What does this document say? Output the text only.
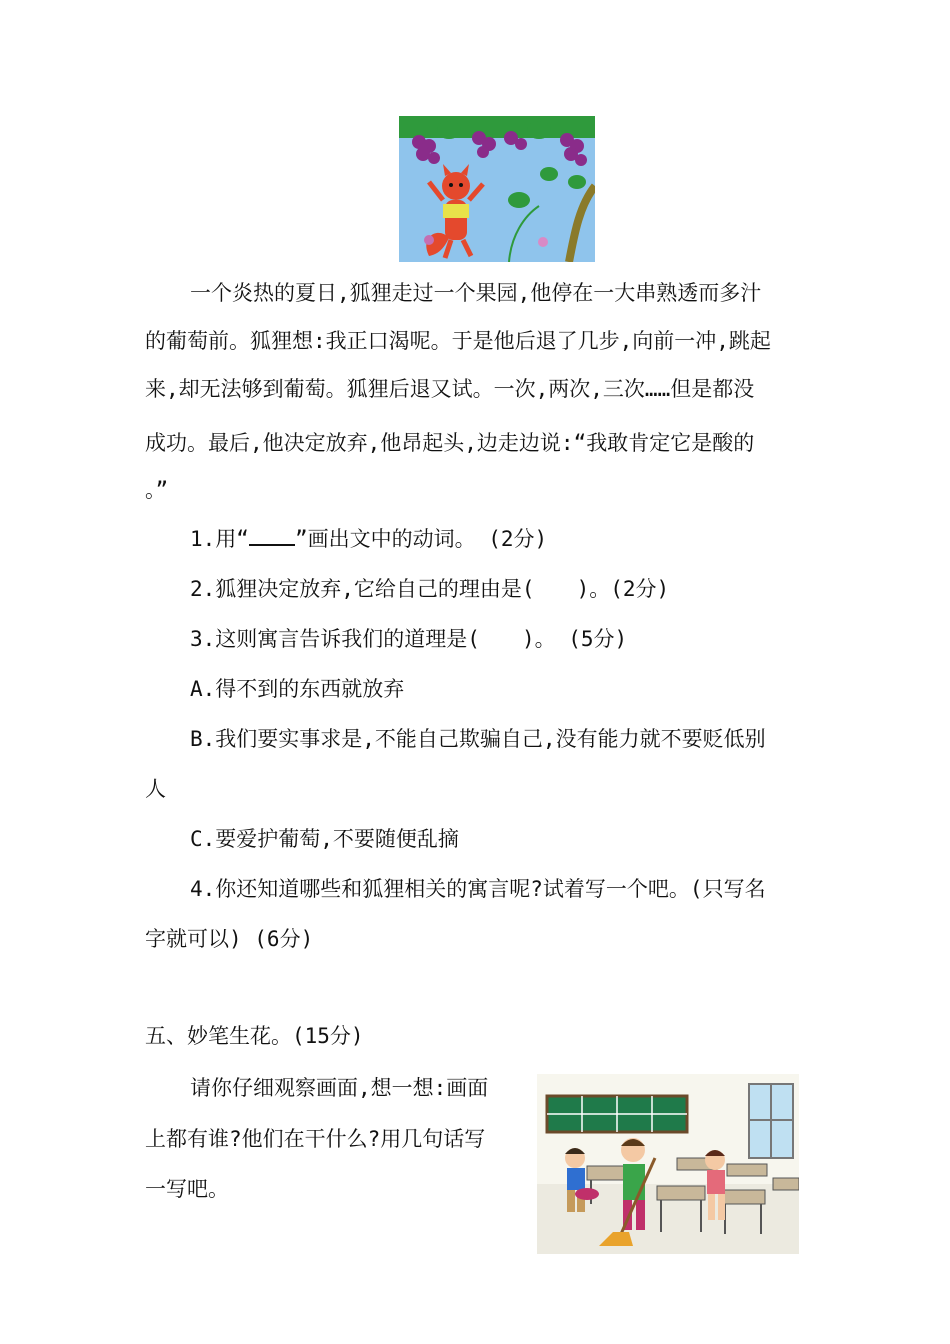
一个炎热的夏日,狐狸走过一个果园,他停在一大串熟透而多汁
的葡萄前。狐狸想:我正口渴呢。于是他后退了几步,向前一冲,跳起
来,却无法够到葡萄。狐狸后退又试。一次,两次,三次……但是都没
成功。最后,他决定放弃,他昂起头,边走边说:“我敢肯定它是酸的
。”
1.用“ ”画出文中的动词。 (2分)
2.狐狸决定放弃,它给自己的理由是( )。(2分)
3.这则寓言告诉我们的道理是( )。 (5分)
A.得不到的东西就放弃
B.我们要实事求是,不能自己欺骗自己,没有能力就不要贬低别
人
C.要爱护葡萄,不要随便乱摘
4.你还知道哪些和狐狸相关的寓言呢?试着写一个吧。(只写名
字就可以) (6分)
五、妙笔生花。(15分)
请你仔细观察画面,想一想:画面
上都有谁?他们在干什么?用几句话写
一写吧。
